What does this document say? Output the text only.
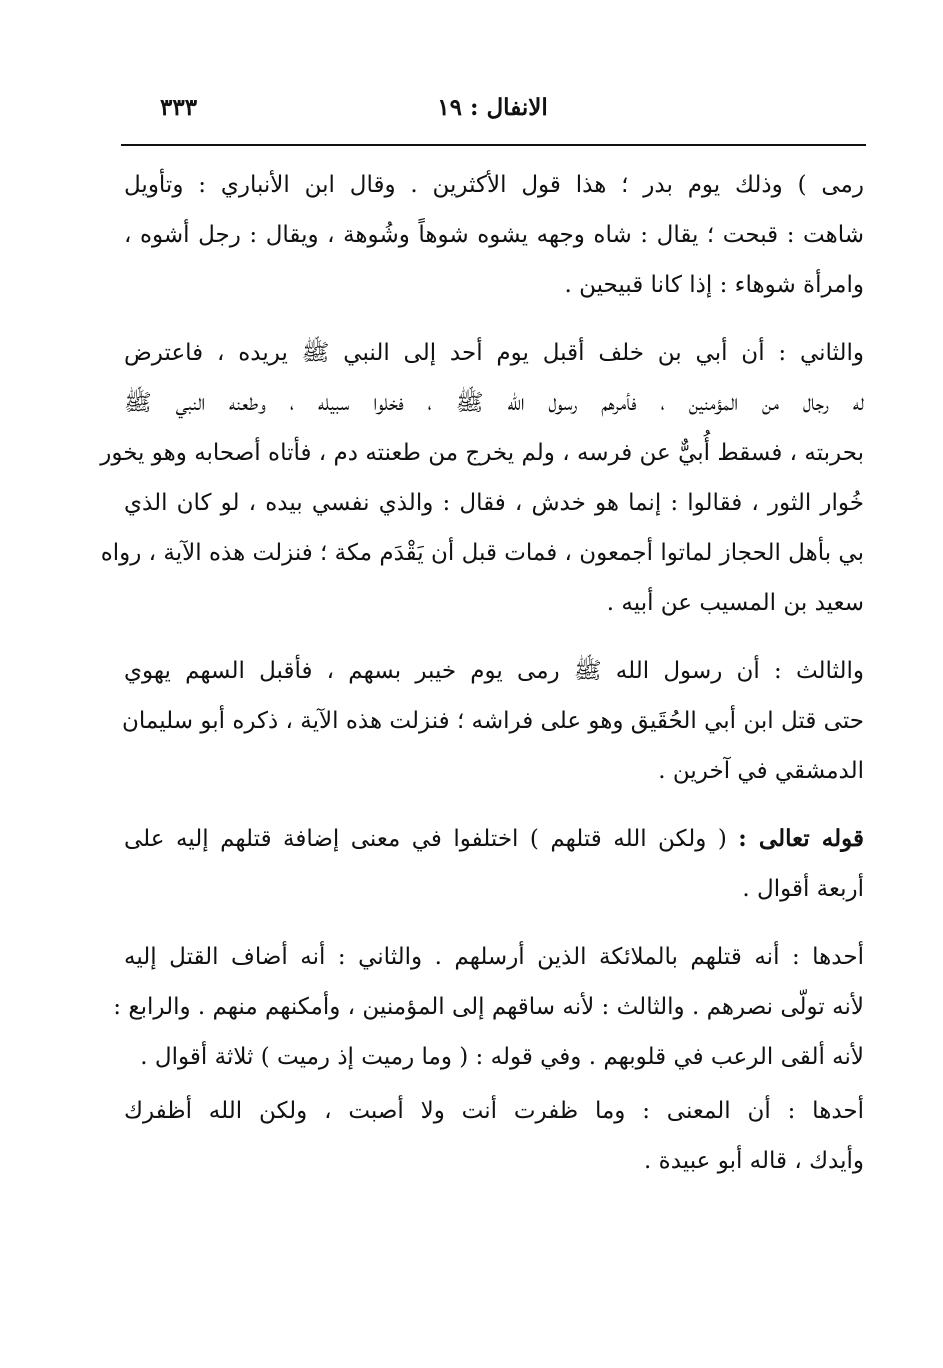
الانفال : ١٩
٣٣٣
رمى ) وذلك يوم بدر ؛ هذا قول الأكثرين . وقال ابن الأنباري : وتأويل
شاهت : قبحت ؛ يقال : شاه وجهه يشوه شوهاً وشُوهة ، ويقال : رجل أشوه ،
وامرأة شوهاء : إذا كانا قبيحين .
والثاني : أن أبي بن خلف أقبل يوم أحد إلى النبي ﷺ يريده ، فاعترض
له رجال من المؤمنين ، فأمرهم رسول الله ﷺ ، فخلوا سبيله ، وطعنه النبي ﷺ
بحربته ، فسقط أُبيٌّ عن فرسه ، ولم يخرج من طعنته دم ، فأتاه أصحابه وهو يخور
خُوار الثور ، فقالوا : إنما هو خدش ، فقال : والذي نفسي بيده ، لو كان الذي
بي بأهل الحجاز لماتوا أجمعون ، فمات قبل أن يَقْدَم مكة ؛ فنزلت هذه الآية ، رواه
سعيد بن المسيب عن أبيه .
والثالث : أن رسول الله ﷺ رمى يوم خيبر بسهم ، فأقبل السهم يهوي
حتى قتل ابن أبي الحُقَيق وهو على فراشه ؛ فنزلت هذه الآية ، ذكره أبو سليمان
الدمشقي في آخرين .
قوله تعالى : ( ولكن الله قتلهم ) اختلفوا في معنى إضافة قتلهم إليه على
أربعة أقوال .
أحدها : أنه قتلهم بالملائكة الذين أرسلهم . والثاني : أنه أضاف القتل إليه
لأنه تولّى نصرهم . والثالث : لأنه ساقهم إلى المؤمنين ، وأمكنهم منهم . والرابع :
لأنه ألقى الرعب في قلوبهم . وفي قوله : ( وما رميت إذ رميت ) ثلاثة أقوال .
أحدها : أن المعنى : وما ظفرت أنت ولا أصبت ، ولكن الله أظفرك
وأيدك ، قاله أبو عبيدة .
